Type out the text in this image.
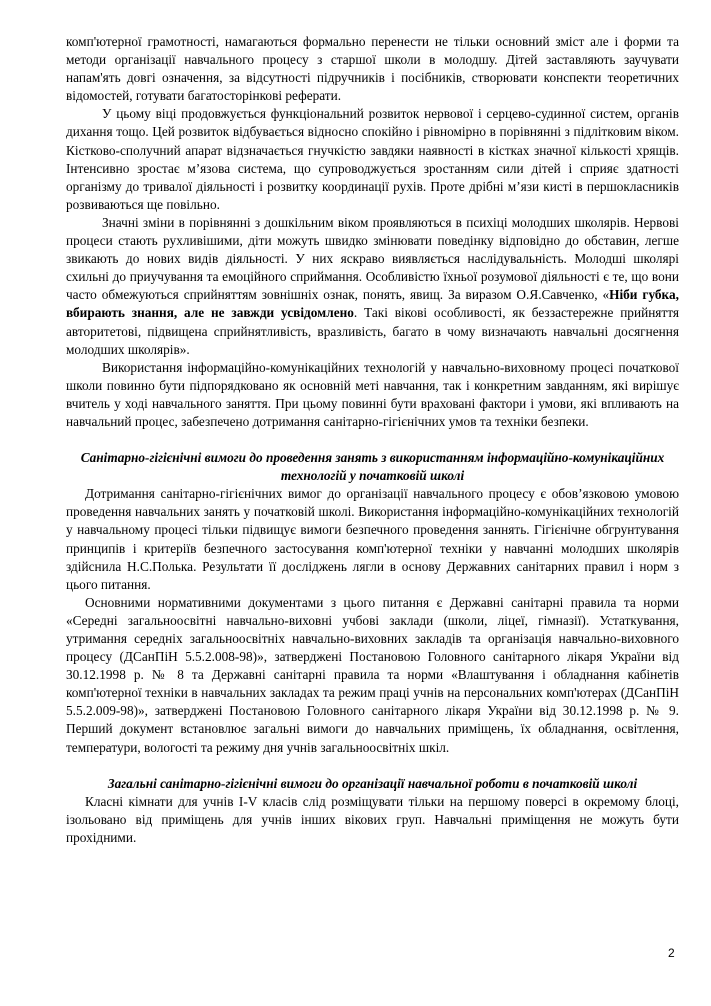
комп'ютерної грамотності, намагаються формально перенести не тільки основний зміст але і форми та методи організації навчального процесу з старшої школи в молодшу. Дітей заставляють заучувати напам'ять довгі означення, за відсутності підручників і посібників, створювати конспекти теоретичних відомостей, готувати багатосторінкові реферати.

У цьому віці продовжується функціональний розвиток нервової і серцево-судинної систем, органів дихання тощо. Цей розвиток відбувається відносно спокійно і рівномірно в порівнянні з підлітковим віком. Кістково-сполучний апарат відзначається гнучкістю завдяки наявності в кістках значної кількості хрящів. Інтенсивно зростає м’язова система, що супроводжується зростанням сили дітей і сприяє здатності організму до тривалої діяльності і розвитку координації рухів. Проте дрібні м’язи кисті в першокласників розвиваються ще повільно.

Значні зміни в порівнянні з дошкільним віком проявляються в психіці молодших школярів. Нервові процеси стають рухливішими, діти можуть швидко змінювати поведінку відповідно до обставин, легше звикають до нових видів діяльності. У них яскраво виявляється наслідувальність. Молодші школярі схильні до приучування та емоційного сприймання. Особливістю їхньої розумової діяльності є те, що вони часто обмежуються сприйняттям зовнішніх ознак, понять, явищ. За виразом О.Я.Савченко, «Ніби губка, вбирають знання, але не завжди усвідомлено. Такі вікові особливості, як беззастережне прийняття авторитетові, підвищена сприйнятливість, вразливість, багато в чому визначають навчальні досягнення молодших школярів».

Використання інформаційно-комунікаційних технологій у навчально-виховному процесі початкової школи повинно бути підпорядковано як основній меті навчання, так і конкретним завданням, які вирішує вчитель у ході навчального заняття. При цьому повинні бути враховані фактори і умови, які впливають на навчальний процес, забезпечено дотримання санітарно-гігієнічних умов та техніки безпеки.

Санітарно-гігієнічні вимоги до проведення занять з використанням інформаційно-комунікаційних технологій у початковій школі

Дотримання санітарно-гігієнічних вимог до організації навчального процесу є обов’язковою умовою проведення навчальних занять у початковій школі. Використання інформаційно-комунікаційних технологій у навчальному процесі тільки підвищує вимоги безпечного проведення заннять. Гігієнічне обгрунтування принципів і критеріїв безпечного застосування комп'ютерної техніки у навчанні молодших школярів здійснила Н.С.Полька. Результати її досліджень лягли в основу Державних санітарних правил і норм з цього питання.

Основними нормативними документами з цього питання є Державні санітарні правила та норми «Середні загальноосвітні навчально-виховні учбові заклади (школи, ліцеї, гімназії). Устаткування, утримання середніх загальноосвітніх навчально-виховних закладів та організація навчально-виховного процесу (ДСанПіН 5.5.2.008-98)», затверджені Постановою Головного санітарного лікаря України від 30.12.1998 р. № 8 та Державні санітарні правила та норми «Влаштування і обладнання кабінетів комп'ютерної техніки в навчальних закладах та режим праці учнів на персональних комп'ютерах (ДСанПіН 5.5.2.009-98)», затверджені Постановою Головного санітарного лікаря України від 30.12.1998 р. № 9. Перший документ встановлює загальні вимоги до навчальних приміщень, їх обладнання, освітлення, температури, вологості та режиму дня учнів загальноосвітніх шкіл.

Загальні санітарно-гігієнічні вимоги до організації навчальної роботи в початковій школі

Класні кімнати для учнів I-V класів слід розміщувати тільки на першому поверсі в окремому блоці, ізольовано від приміщень для учнів інших вікових груп. Навчальні приміщення не можуть бути прохідними.

2
